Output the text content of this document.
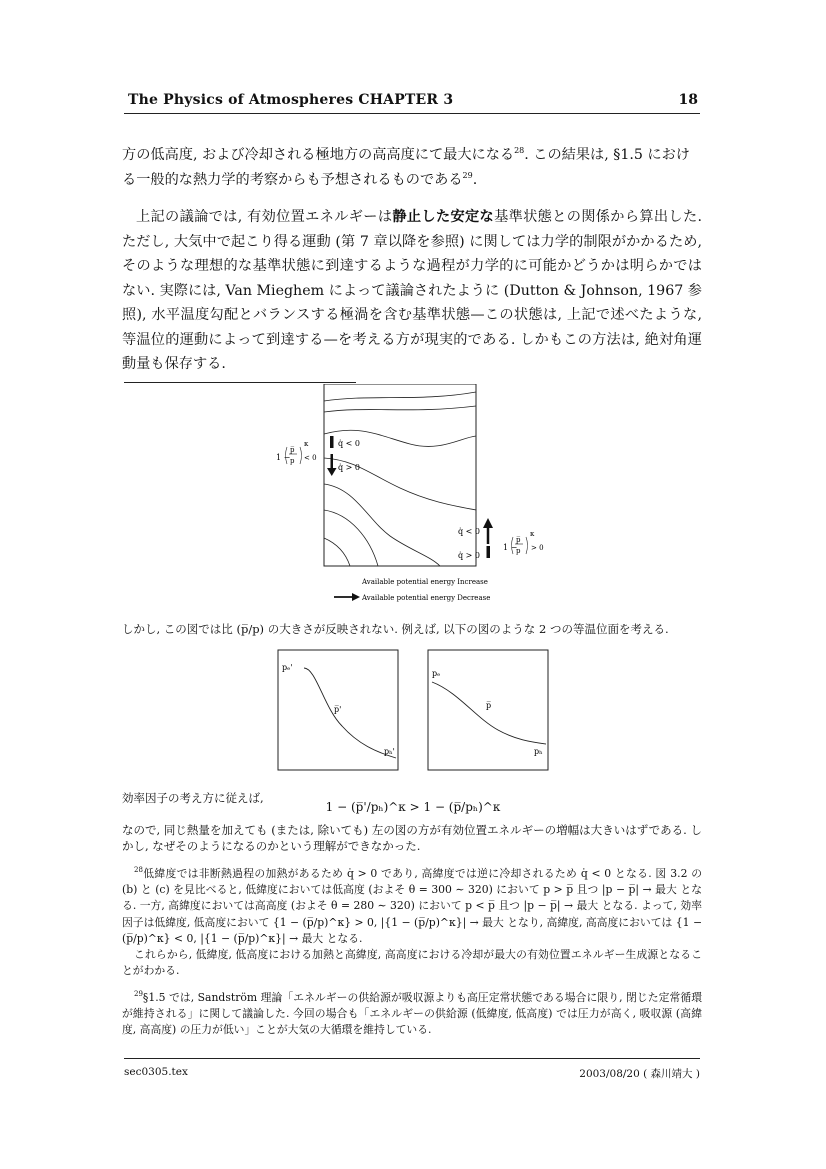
The Physics of Atmospheres CHAPTER 3	18

方の低高度, および冷却される極地方の高高度にて最大になる$^{28}$. この結果は, §1.5 におけ
る一般的な熱力学的考察からも予想されるものである$^{29}$.

上記の議論では, 有効位置エネルギーは静止した安定な基準状態との関係から算出した. ただし, 大気中で起こり得る運動 (第 7 章以降を参照) に関しては力学的制限がかかるため, そのような理想的な基準状態に到達するような過程が力学的に可能かどうかは明らかではない. 実際には, Van Mieghem によって議論されたように (Dutton & Johnson, 1967 参照), 水平温度勾配とバランスする極渦を含む基準状態—この状態は, 上記で述べたような, 等温位的運動によって到達する—を考える方が現実的である. しかもこの方法は, 絶対角運動量も保存する.

q̇ < 0
q̇ > 0
q̇ < 0
q̇ > 0
1 −
p̅
p
κ
< 0
1 −
p̅
p
κ
> 0
Available potential energy Increase
Available potential energy Decrease

しかし, この図では比 (p̅/p) の大きさが反映されない. 例えば, 以下の図のような 2 つの等温位面を考える.

pₑ'
p̅'
pₕ'
pₑ
p̅
pₕ

効率因子の考え方に従えば,

1 − (p̅'/pₕ)^κ > 1 − (p̅/pₕ)^κ

なので, 同じ熱量を加えても (または, 除いても) 左の図の方が有効位置エネルギーの増幅は大きいはずである. しかし, なぜそのようになるのかという理解ができなかった.

$^{28}$低緯度では非断熱過程の加熱があるため q̇ > 0 であり, 高緯度では逆に冷却されるため q̇ < 0 となる. 図 3.2 の (b) と (c) を見比べると, 低緯度においては低高度 (およそ θ = 300 ∼ 320) において p > p̅ 且つ |p − p̅| → 最大 となる. 一方, 高緯度においては高高度 (およそ θ = 280 ∼ 320) において p < p̅ 且つ |p − p̅| → 最大 となる. よって, 効率因子は低緯度, 低高度において {1 − (p̅/p)^κ} > 0, |{1 − (p̅/p)^κ}| → 最大 となり, 高緯度, 高高度においては {1 − (p̅/p)^κ} < 0, |{1 − (p̅/p)^κ}| → 最大 となる.
これらから, 低緯度, 低高度における加熱と高緯度, 高高度における冷却が最大の有効位置エネルギー生成源となることがわかる.
$^{29}$§1.5 では, Sandström 理論「エネルギーの供給源が吸収源よりも高圧定常状態である場合に限り, 閉じた定常循環が維持される」に関して議論した. 今回の場合も「エネルギーの供給源 (低緯度, 低高度) では圧力が高く, 吸収源 (高緯度, 高高度) の圧力が低い」ことが大気の大循環を維持している.
sec0305.tex	2003/08/20 ( 森川靖大 )
